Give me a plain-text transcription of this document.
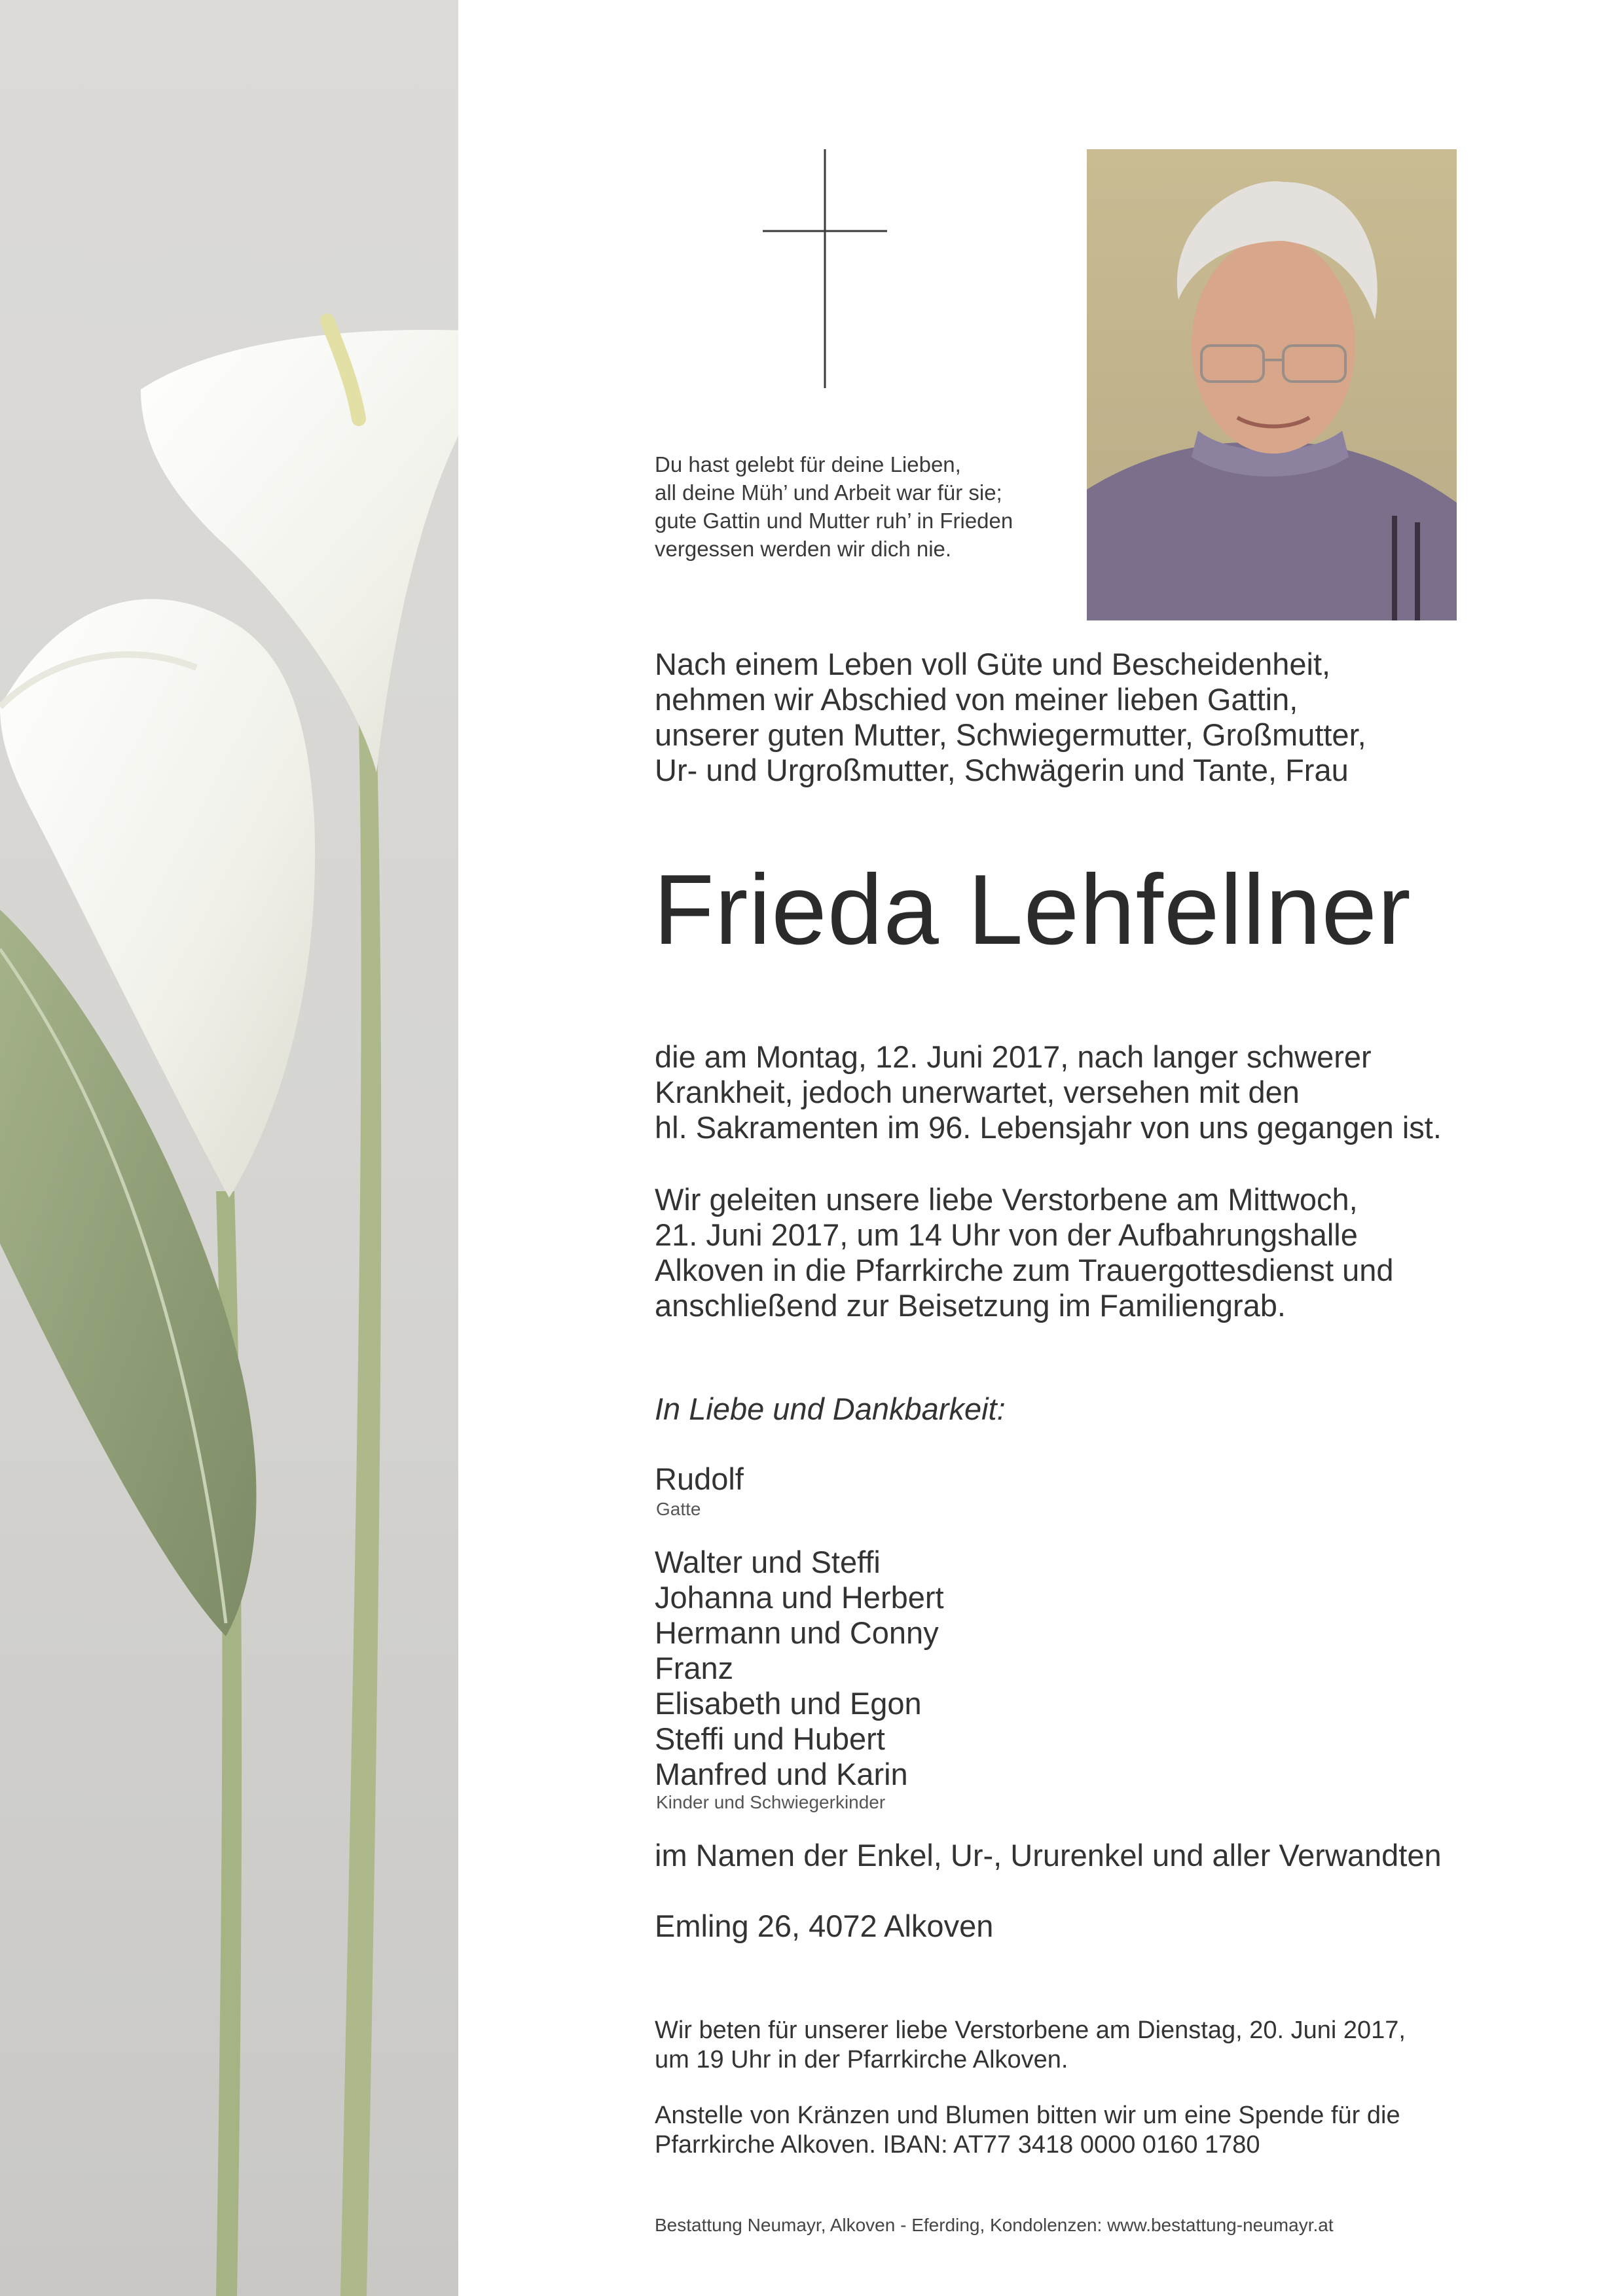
Du hast gelebt für deine Lieben,
all deine Müh’ und Arbeit war für sie;
gute Gattin und Mutter ruh’ in Frieden
vergessen werden wir dich nie.
Nach einem Leben voll Güte und Bescheidenheit,
nehmen wir Abschied von meiner lieben Gattin,
unserer guten Mutter, Schwiegermutter, Großmutter,
Ur- und Urgroßmutter, Schwägerin und Tante, Frau
Frieda Lehfellner
die am Montag, 12. Juni 2017, nach langer schwerer
Krankheit, jedoch unerwartet, versehen mit den
hl. Sakramenten im 96. Lebensjahr von uns gegangen ist.
Wir geleiten unsere liebe Verstorbene am Mittwoch,
21. Juni 2017, um 14 Uhr von der Aufbahrungshalle
Alkoven in die Pfarrkirche zum Trauergottesdienst und
anschließend zur Beisetzung im Familiengrab.
In Liebe und Dankbarkeit:
Rudolf
Gatte
Walter und Steffi
Johanna und Herbert
Hermann und Conny
Franz
Elisabeth und Egon
Steffi und Hubert
Manfred und Karin
Kinder und Schwiegerkinder
im Namen der Enkel, Ur-, Ururenkel und aller Verwandten
Emling 26, 4072 Alkoven
Wir beten für unserer liebe Verstorbene am Dienstag, 20. Juni 2017,
um 19 Uhr in der Pfarrkirche Alkoven.
Anstelle von Kränzen und Blumen bitten wir um eine Spende für die
Pfarrkirche Alkoven. IBAN: AT77 3418 0000 0160 1780
Bestattung Neumayr, Alkoven - Eferding, Kondolenzen: www.bestattung-neumayr.at
